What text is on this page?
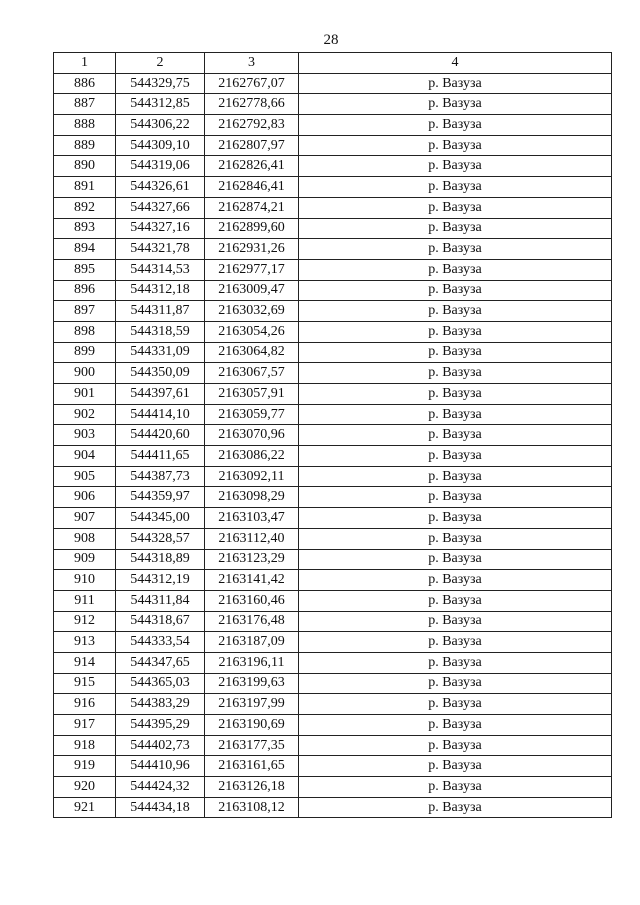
28
1	2	3	4
886	544329,75	2162767,07	р. Вазуза
887	544312,85	2162778,66	р. Вазуза
888	544306,22	2162792,83	р. Вазуза
889	544309,10	2162807,97	р. Вазуза
890	544319,06	2162826,41	р. Вазуза
891	544326,61	2162846,41	р. Вазуза
892	544327,66	2162874,21	р. Вазуза
893	544327,16	2162899,60	р. Вазуза
894	544321,78	2162931,26	р. Вазуза
895	544314,53	2162977,17	р. Вазуза
896	544312,18	2163009,47	р. Вазуза
897	544311,87	2163032,69	р. Вазуза
898	544318,59	2163054,26	р. Вазуза
899	544331,09	2163064,82	р. Вазуза
900	544350,09	2163067,57	р. Вазуза
901	544397,61	2163057,91	р. Вазуза
902	544414,10	2163059,77	р. Вазуза
903	544420,60	2163070,96	р. Вазуза
904	544411,65	2163086,22	р. Вазуза
905	544387,73	2163092,11	р. Вазуза
906	544359,97	2163098,29	р. Вазуза
907	544345,00	2163103,47	р. Вазуза
908	544328,57	2163112,40	р. Вазуза
909	544318,89	2163123,29	р. Вазуза
910	544312,19	2163141,42	р. Вазуза
911	544311,84	2163160,46	р. Вазуза
912	544318,67	2163176,48	р. Вазуза
913	544333,54	2163187,09	р. Вазуза
914	544347,65	2163196,11	р. Вазуза
915	544365,03	2163199,63	р. Вазуза
916	544383,29	2163197,99	р. Вазуза
917	544395,29	2163190,69	р. Вазуза
918	544402,73	2163177,35	р. Вазуза
919	544410,96	2163161,65	р. Вазуза
920	544424,32	2163126,18	р. Вазуза
921	544434,18	2163108,12	р. Вазуза
